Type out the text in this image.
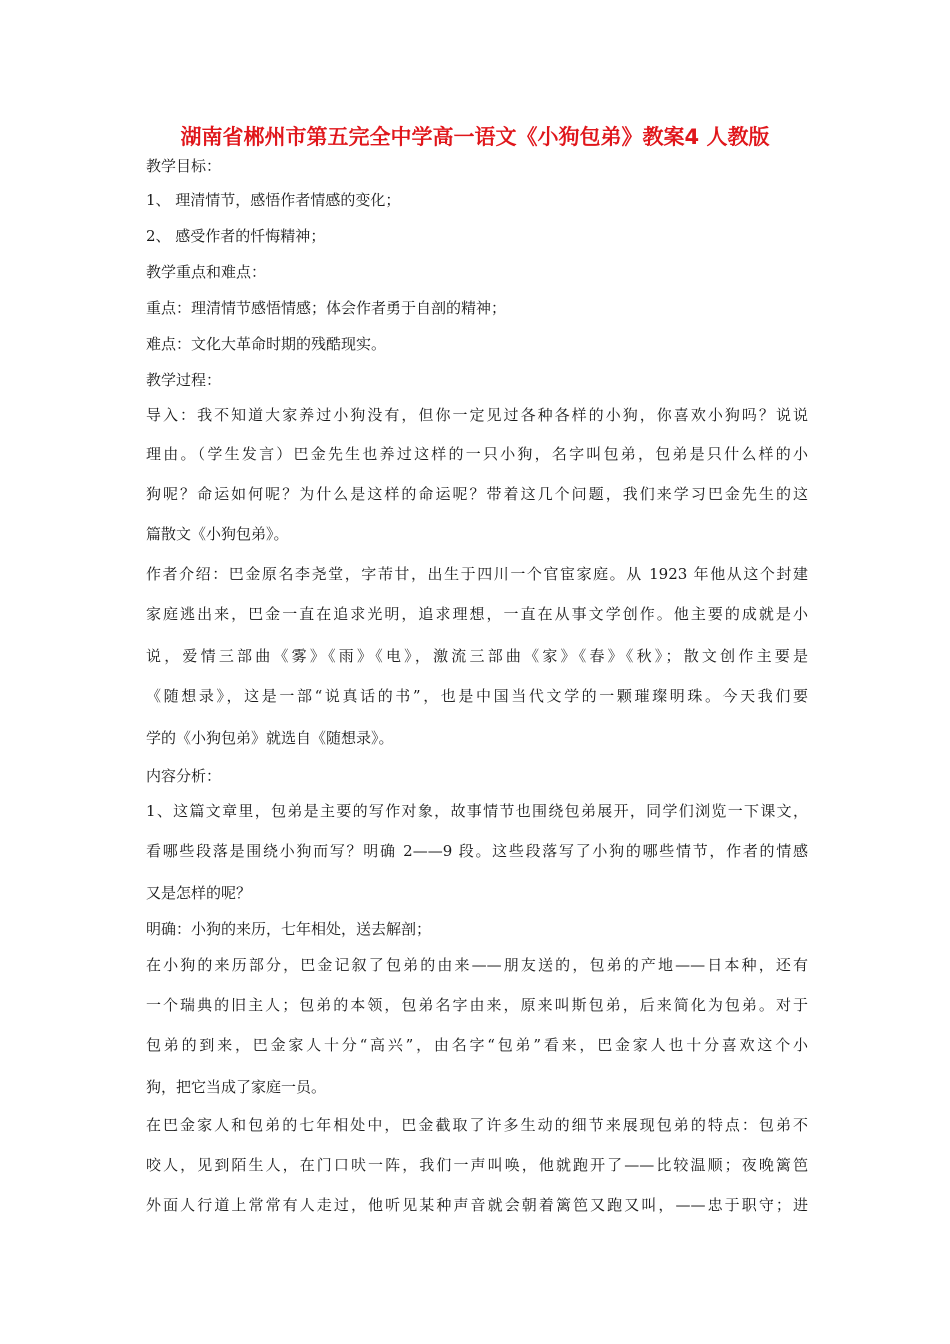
湖南省郴州市第五完全中学高一语文《小狗包弟》教案4 人教版
教学目标：
1、 理清情节，感悟作者情感的变化；
2、 感受作者的忏悔精神；
教学重点和难点：
重点：理清情节感悟情感；体会作者勇于自剖的精神；
难点：文化大革命时期的残酷现实。
教学过程：
导入：我不知道大家养过小狗没有，但你一定见过各种各样的小狗，你喜欢小狗吗？说说
理由。（学生发言）巴金先生也养过这样的一只小狗，名字叫包弟，包弟是只什么样的小
狗呢？命运如何呢？为什么是这样的命运呢？带着这几个问题，我们来学习巴金先生的这
篇散文《小狗包弟》。
作者介绍：巴金原名李尧堂，字芾甘，出生于四川一个官宦家庭。从 1923 年他从这个封建
家庭逃出来，巴金一直在追求光明，追求理想，一直在从事文学创作。他主要的成就是小
说，爱情三部曲《雾》《雨》《电》，激流三部曲《家》《春》《秋》；散文创作主要是
《随想录》，这是一部“说真话的书”，也是中国当代文学的一颗璀璨明珠。今天我们要
学的《小狗包弟》就选自《随想录》。
内容分析：
1、这篇文章里，包弟是主要的写作对象，故事情节也围绕包弟展开，同学们浏览一下课文，
看哪些段落是围绕小狗而写？明确 2——9 段。这些段落写了小狗的哪些情节，作者的情感
又是怎样的呢？
明确：小狗的来历，七年相处，送去解剖；
在小狗的来历部分，巴金记叙了包弟的由来——朋友送的，包弟的产地——日本种，还有
一个瑞典的旧主人；包弟的本领，包弟名字由来，原来叫斯包弟，后来简化为包弟。对于
包弟的到来，巴金家人十分“高兴”，由名字“包弟”看来，巴金家人也十分喜欢这个小
狗，把它当成了家庭一员。
在巴金家人和包弟的七年相处中，巴金截取了许多生动的细节来展现包弟的特点：包弟不
咬人，见到陌生人，在门口吠一阵，我们一声叫唤，他就跑开了——比较温顺；夜晚篱笆
外面人行道上常常有人走过，他听见某种声音就会朝着篱笆又跑又叫，——忠于职守；进
